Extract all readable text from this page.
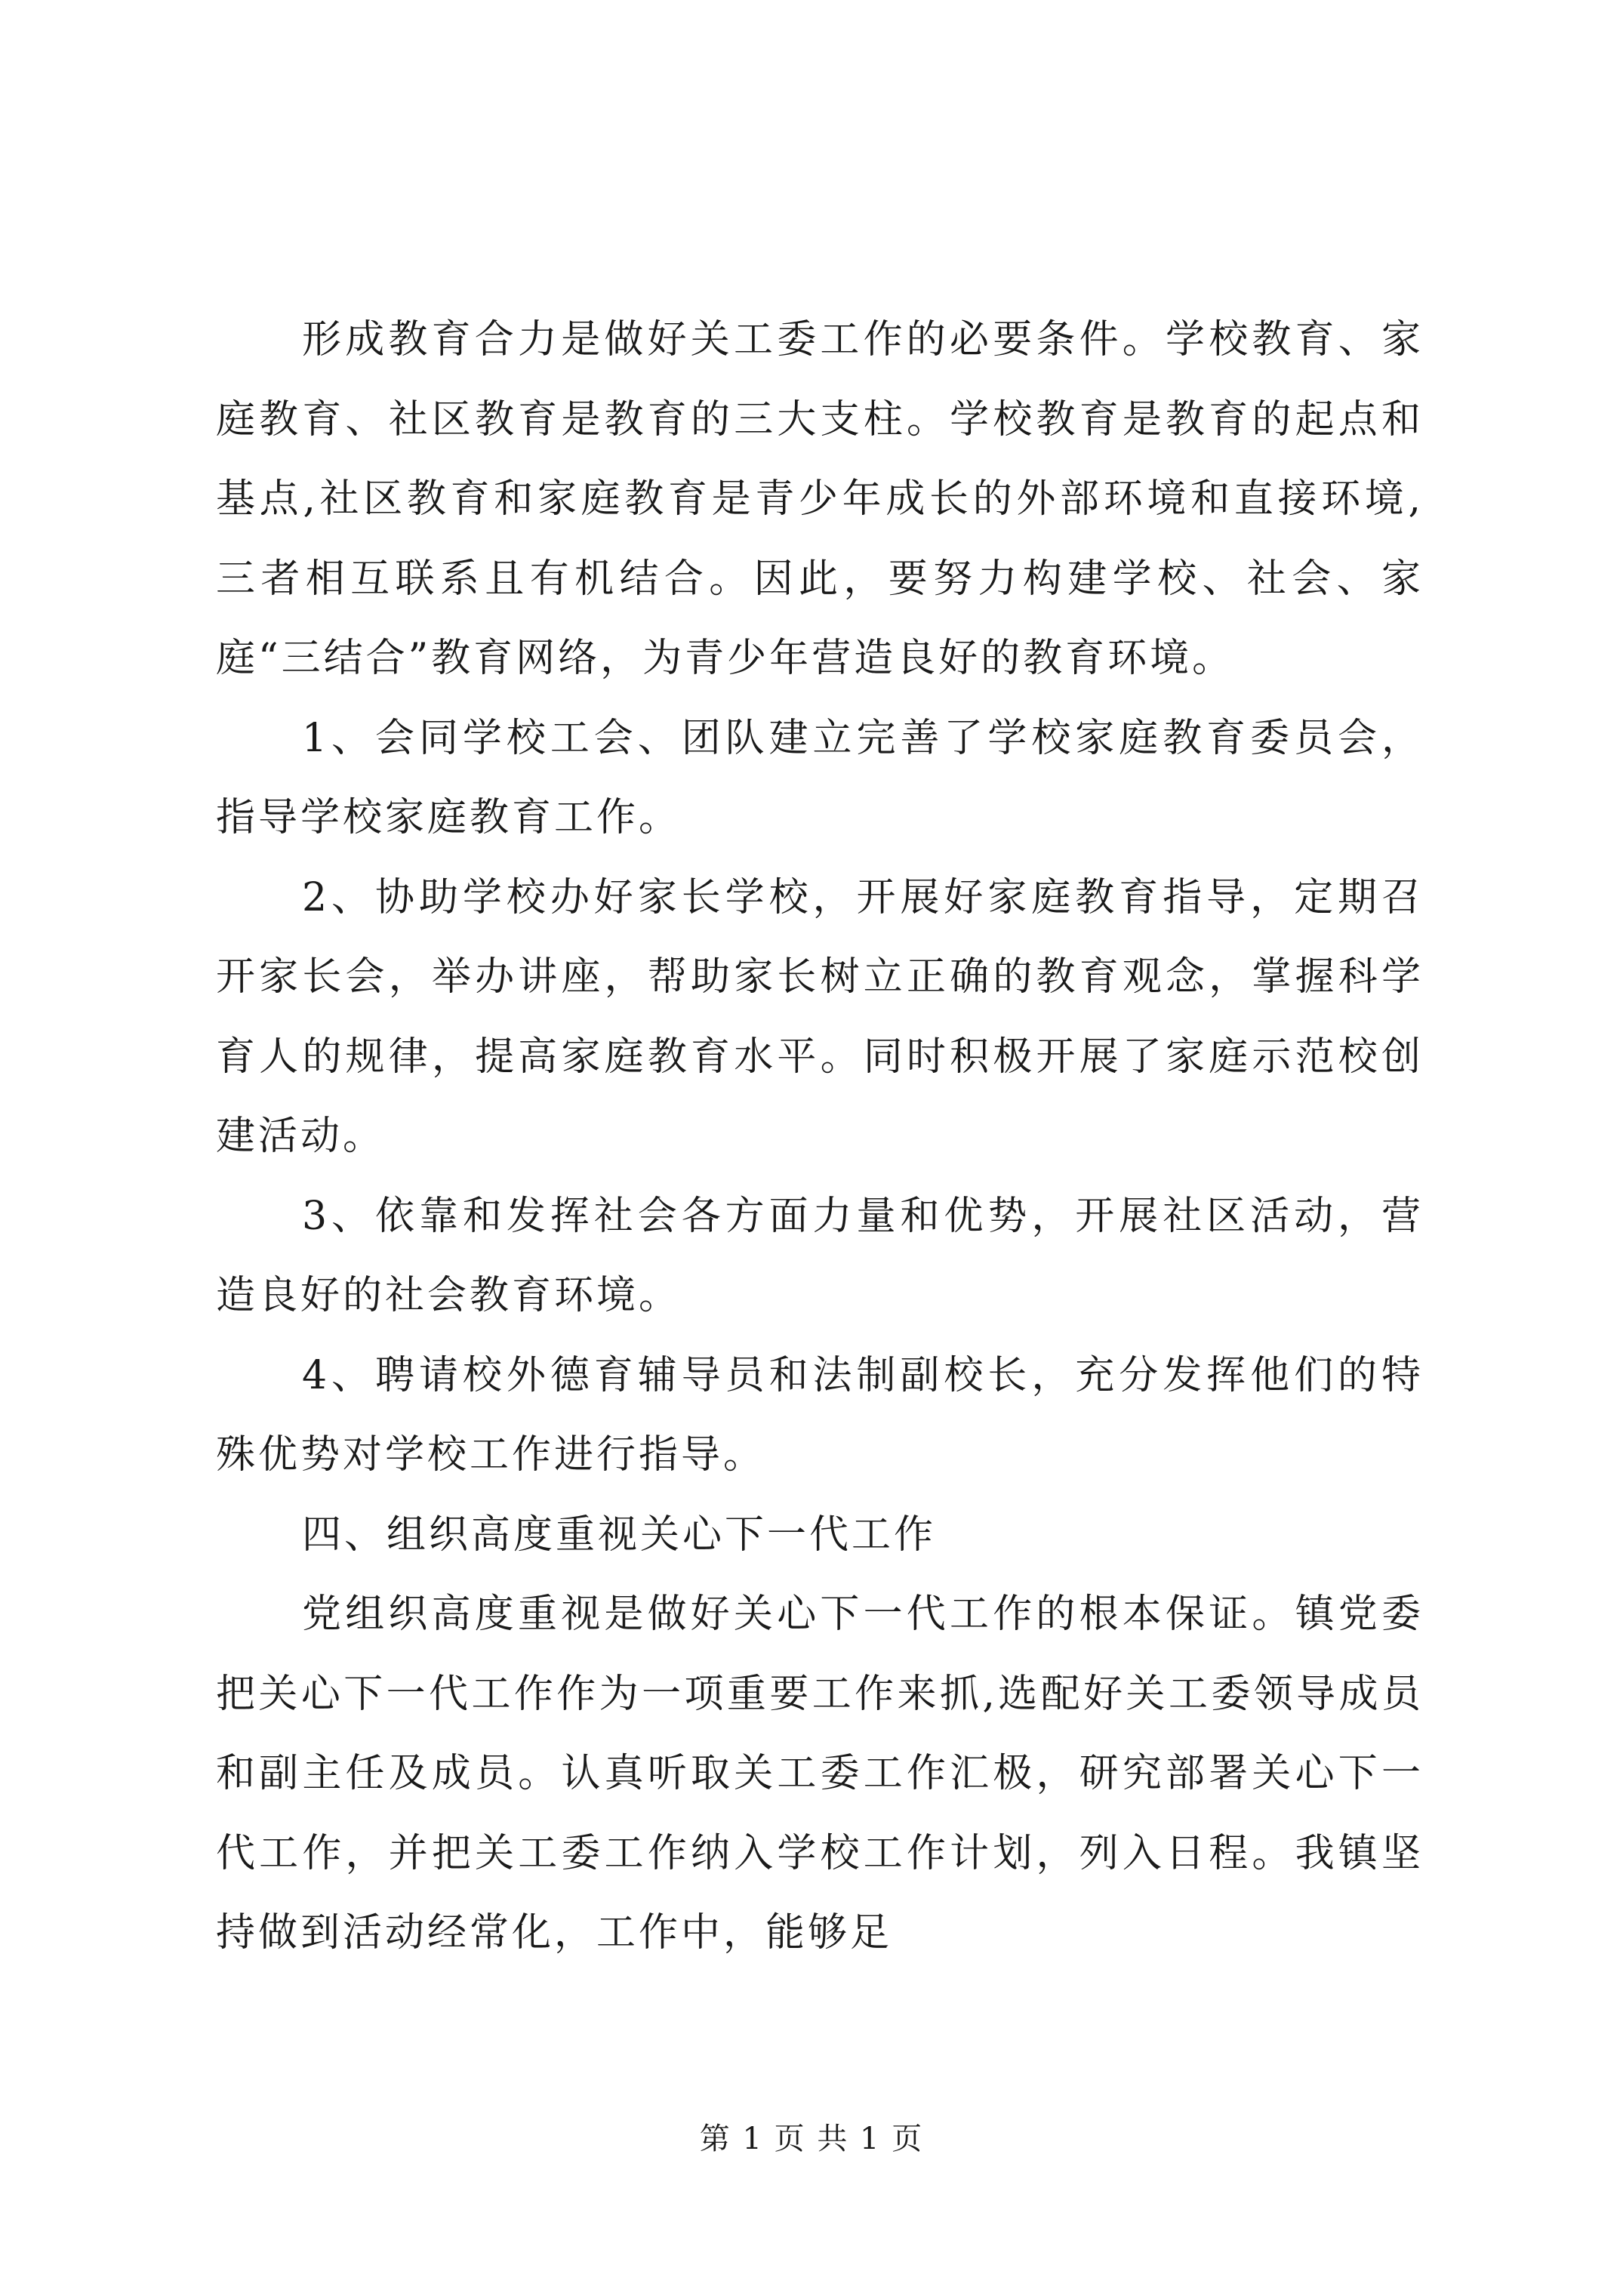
形成教育合力是做好关工委工作的必要条件。学校教育、家庭教育、社区教育是教育的三大支柱。学校教育是教育的起点和基点,社区教育和家庭教育是青少年成长的外部环境和直接环境,三者相互联系且有机结合。因此，要努力构建学校、社会、家庭“三结合”教育网络，为青少年营造良好的教育环境。

1、会同学校工会、团队建立完善了学校家庭教育委员会，指导学校家庭教育工作。

2、协助学校办好家长学校，开展好家庭教育指导，定期召开家长会，举办讲座，帮助家长树立正确的教育观念，掌握科学育人的规律，提高家庭教育水平。同时积极开展了家庭示范校创建活动。

3、依靠和发挥社会各方面力量和优势，开展社区活动，营造良好的社会教育环境。

4、聘请校外德育辅导员和法制副校长，充分发挥他们的特殊优势对学校工作进行指导。

四、组织高度重视关心下一代工作

党组织高度重视是做好关心下一代工作的根本保证。镇党委把关心下一代工作作为一项重要工作来抓,选配好关工委领导成员和副主任及成员。认真听取关工委工作汇极，研究部署关心下一代工作，并把关工委工作纳入学校工作计划，列入日程。我镇坚持做到活动经常化，工作中，能够足

第 1 页 共 1 页
